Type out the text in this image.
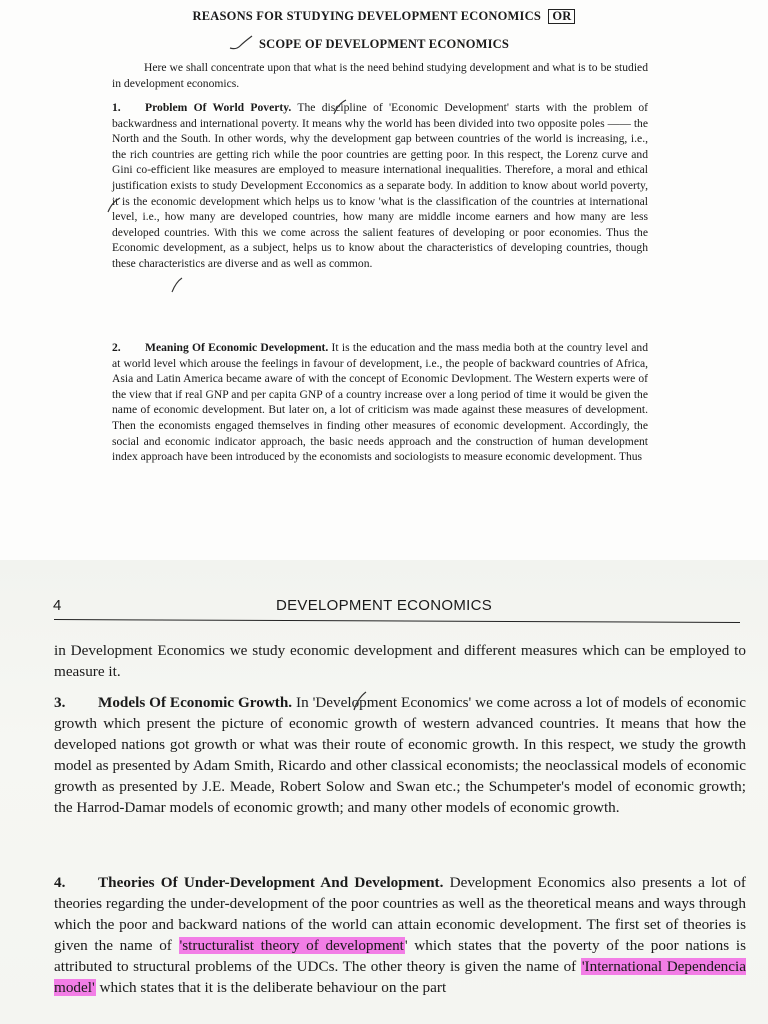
REASONS FOR STUDYING DEVELOPMENT ECONOMICS OR
SCOPE OF DEVELOPMENT ECONOMICS

Here we shall concentrate upon that what is the need behind studying development and what is to be studied in development economics.

1. Problem Of World Poverty. The discipline of 'Economic Development' starts with the problem of backwardness and international poverty. It means why the world has been divided into two opposite poles —— the North and the South. In other words, why the development gap between countries of the world is increasing, i.e., the rich countries are getting rich while the poor countries are getting poor. In this respect, the Lorenz curve and Gini co-efficient like measures are employed to measure international inequalities. Therefore, a moral and ethical justification exists to study Development Ecconomics as a separate body. In addition to know about world poverty, it is the economic development which helps us to know 'what is the classification of the countries at international level, i.e., how many are developed countries, how many are middle income earners and how many are less developed countries. With this we come across the salient features of developing or poor economies. Thus the Economic development, as a subject, helps us to know about the characteristics of developing countries, though these characteristics are diverse and as well as common.

2. Meaning Of Economic Development. It is the education and the mass media both at the country level and at world level which arouse the feelings in favour of development, i.e., the people of backward countries of Africa, Asia and Latin America became aware of with the concept of Economic Devlopment. The Western experts were of the view that if real GNP and per capita GNP of a country increase over a long period of time it would be given the name of economic development. But later on, a lot of criticism was made against these measures of development. Then the economists engaged themselves in finding other measures of economic development. Accordingly, the social and economic indicator approach, the basic needs approach and the construction of human development index approach have been introduced by the economists and sociologists to measure economic development. Thus

4	DEVELOPMENT ECONOMICS

in Development Economics we study economic development and different measures which can be employed to measure it.

3. Models Of Economic Growth. In 'Development Economics' we come across a lot of models of economic growth which present the picture of economic growth of western advanced countries. It means that how the developed nations got growth or what was their route of economic growth. In this respect, we study the growth model as presented by Adam Smith, Ricardo and other classical economists; the neoclassical models of economic growth as presented by J.E. Meade, Robert Solow and Swan etc.; the Schumpeter's model of economic growth; the Harrod-Damar models of economic growth; and many other models of economic growth.

4. Theories Of Under-Development And Development. Development Economics also presents a lot of theories regarding the under-development of the poor countries as well as the theoretical means and ways through which the poor and backward nations of the world can attain economic development. The first set of theories is given the name of 'structuralist theory of development' which states that the poverty of the poor nations is attributed to structural problems of the UDCs. The other theory is given the name of 'International Dependencia model' which states that it is the deliberate behaviour on the part
